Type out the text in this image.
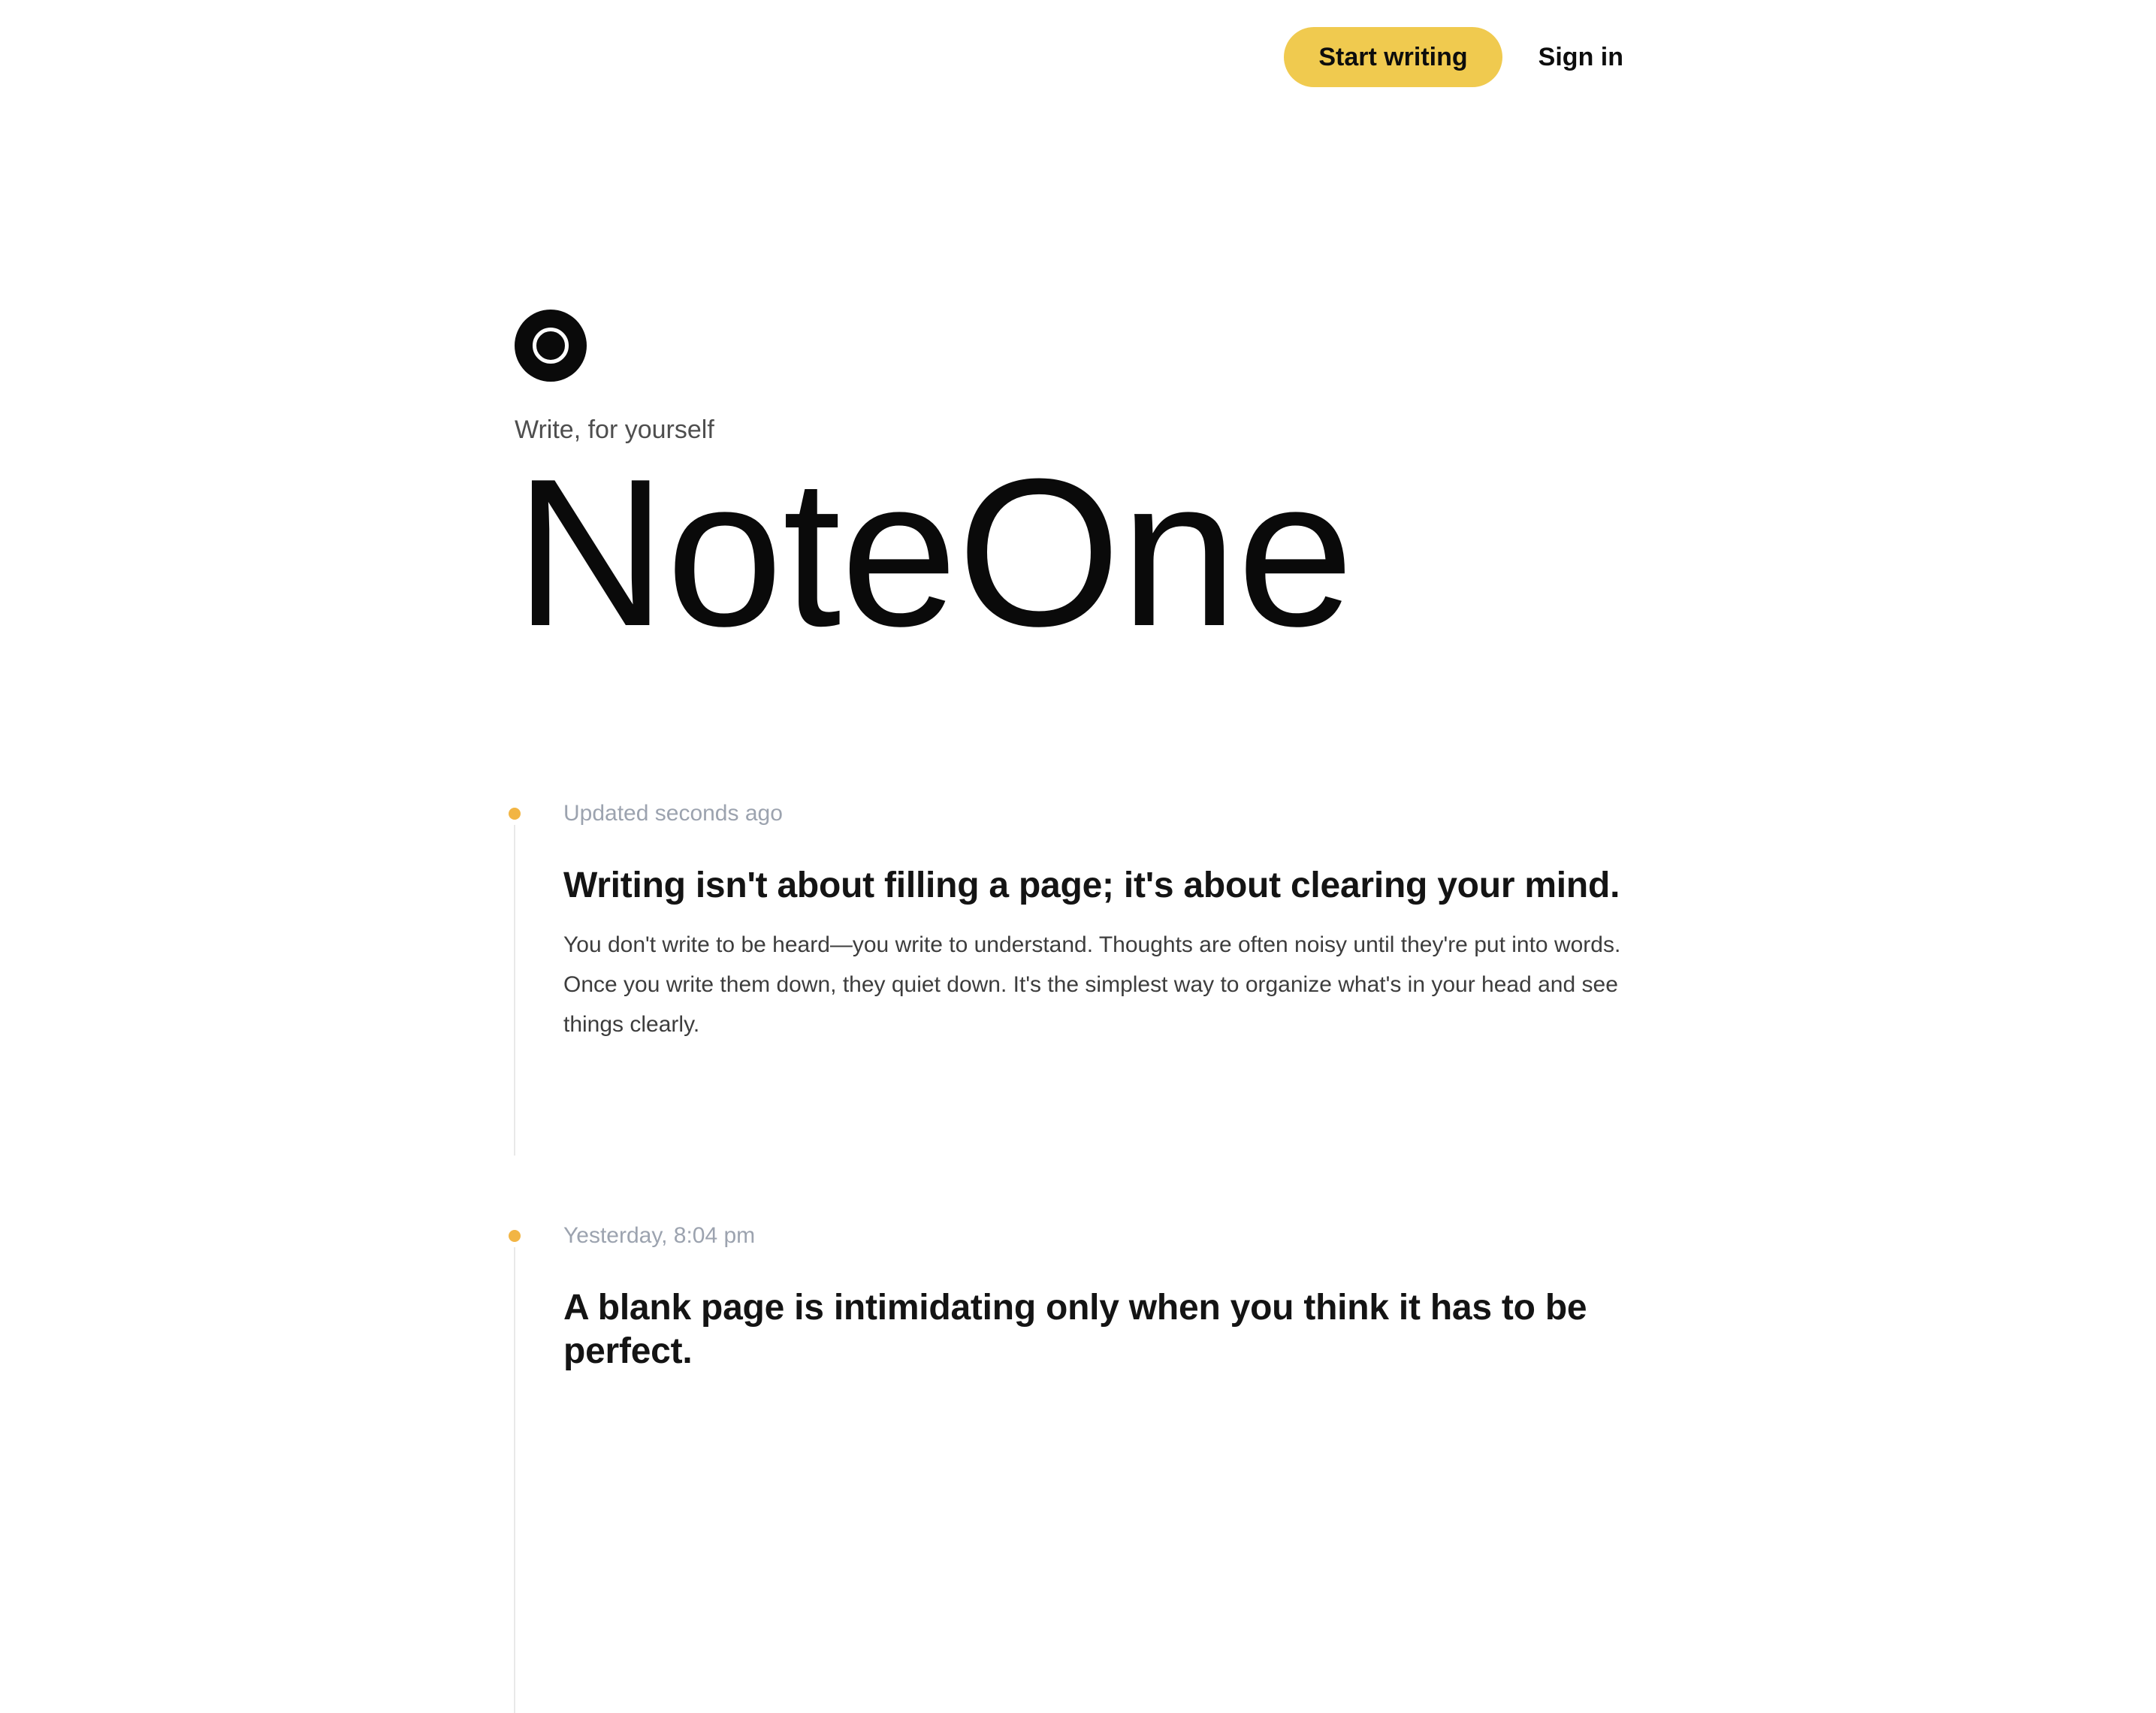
Start writing	Sign in
Write, for yourself
NoteOne
Updated seconds ago
Writing isn't about filling a page; it's about clearing your mind.

You don't write to be heard—you write to understand. Thoughts are often noisy until they're put into words. Once you write them down, they quiet down. It's the simplest way to organize what's in your head and see things clearly.

Yesterday, 8:04 pm
A blank page is intimidating only when you think it has to be perfect.
